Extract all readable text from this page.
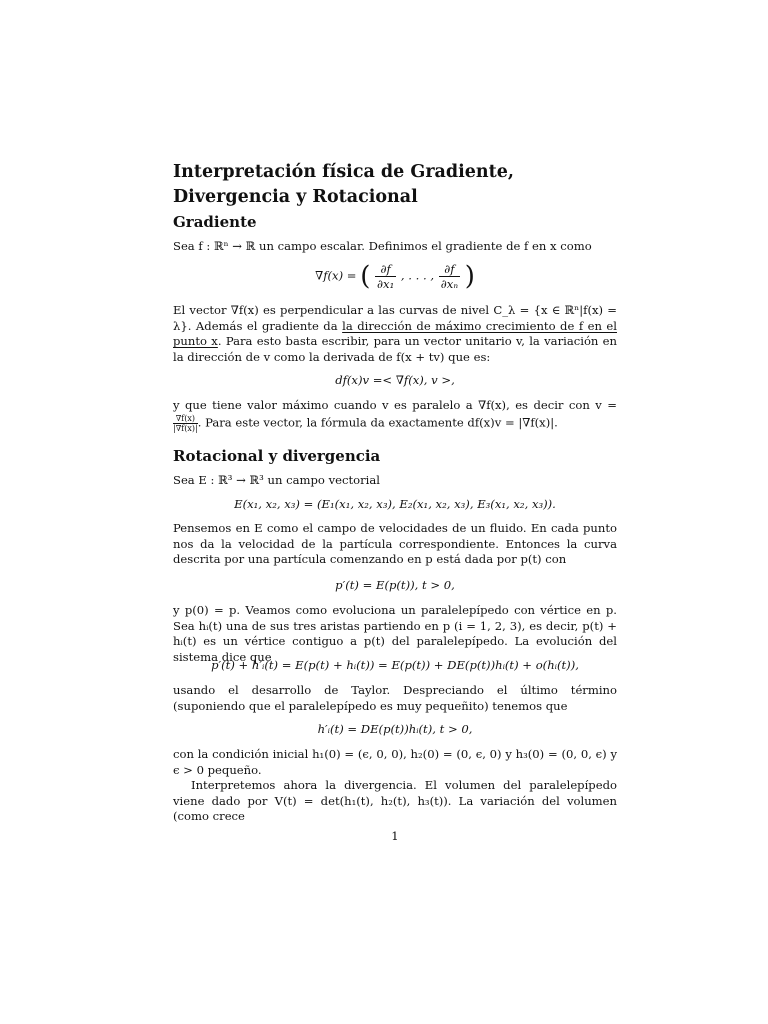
Interpretación física de Gradiente, Divergencia y Rotacional
Gradiente

Sea f : ℝⁿ → ℝ un campo escalar. Definimos el gradiente de f en x como

∇f(x) = ( $\frac{\partial f}{\text{∂x₁}}$ , . . . , $\frac{\partial f}{\text{∂xₙ}}$ )

El vector ∇f(x) es perpendicular a las curvas de nivel C_λ = {x ∈ ℝⁿ|f(x) = λ}. Además el gradiente da la dirección de máximo crecimiento de f en el punto x. Para esto basta escribir, para un vector unitario v, la variación en la dirección de v como la derivada de f(x + tv) que es:

df(x)v =< ∇f(x), v >,

y que tiene valor máximo cuando v es paralelo a ∇f(x), es decir con v =
$\frac{\nabla f(x)}{|\nabla f(x)|}$. Para este vector, la fórmula da exactamente df(x)v = |∇f(x)|.

Rotacional y divergencia

Sea E : ℝ³ → ℝ³ un campo vectorial

E(x₁, x₂, x₃) = (E₁(x₁, x₂, x₃), E₂(x₁, x₂, x₃), E₃(x₁, x₂, x₃)).

Pensemos en E como el campo de velocidades de un fluido. En cada punto nos da la velocidad de la partícula correspondiente. Entonces la curva descrita por una partícula comenzando en p está dada por p(t) con

p′(t) = E(p(t)), t > 0,

y p(0) = p. Veamos como evoluciona un paralelepípedo con vértice en p. Sea hᵢ(t) una de sus tres aristas partiendo en p (i = 1, 2, 3), es decir, p(t) + hᵢ(t) es un vértice contiguo a p(t) del paralelepípedo. La evolución del sistema dice que

p′(t) + h′ᵢ(t) = E(p(t) + hᵢ(t)) = E(p(t)) + DE(p(t))hᵢ(t) + o(hᵢ(t)),

usando el desarrollo de Taylor. Despreciando el último término (suponiendo que el paralelepípedo es muy pequeñito) tenemos que

h′ᵢ(t) = DE(p(t))hᵢ(t), t > 0,

con la condición inicial h₁(0) = (ϵ, 0, 0), h₂(0) = (0, ϵ, 0) y h₃(0) = (0, 0, ϵ) y ϵ > 0 pequeño.

Interpretemos ahora la divergencia. El volumen del paralelepípedo viene dado por V(t) = det(h₁(t), h₂(t), h₃(t)). La variación del volumen (como crece

1
